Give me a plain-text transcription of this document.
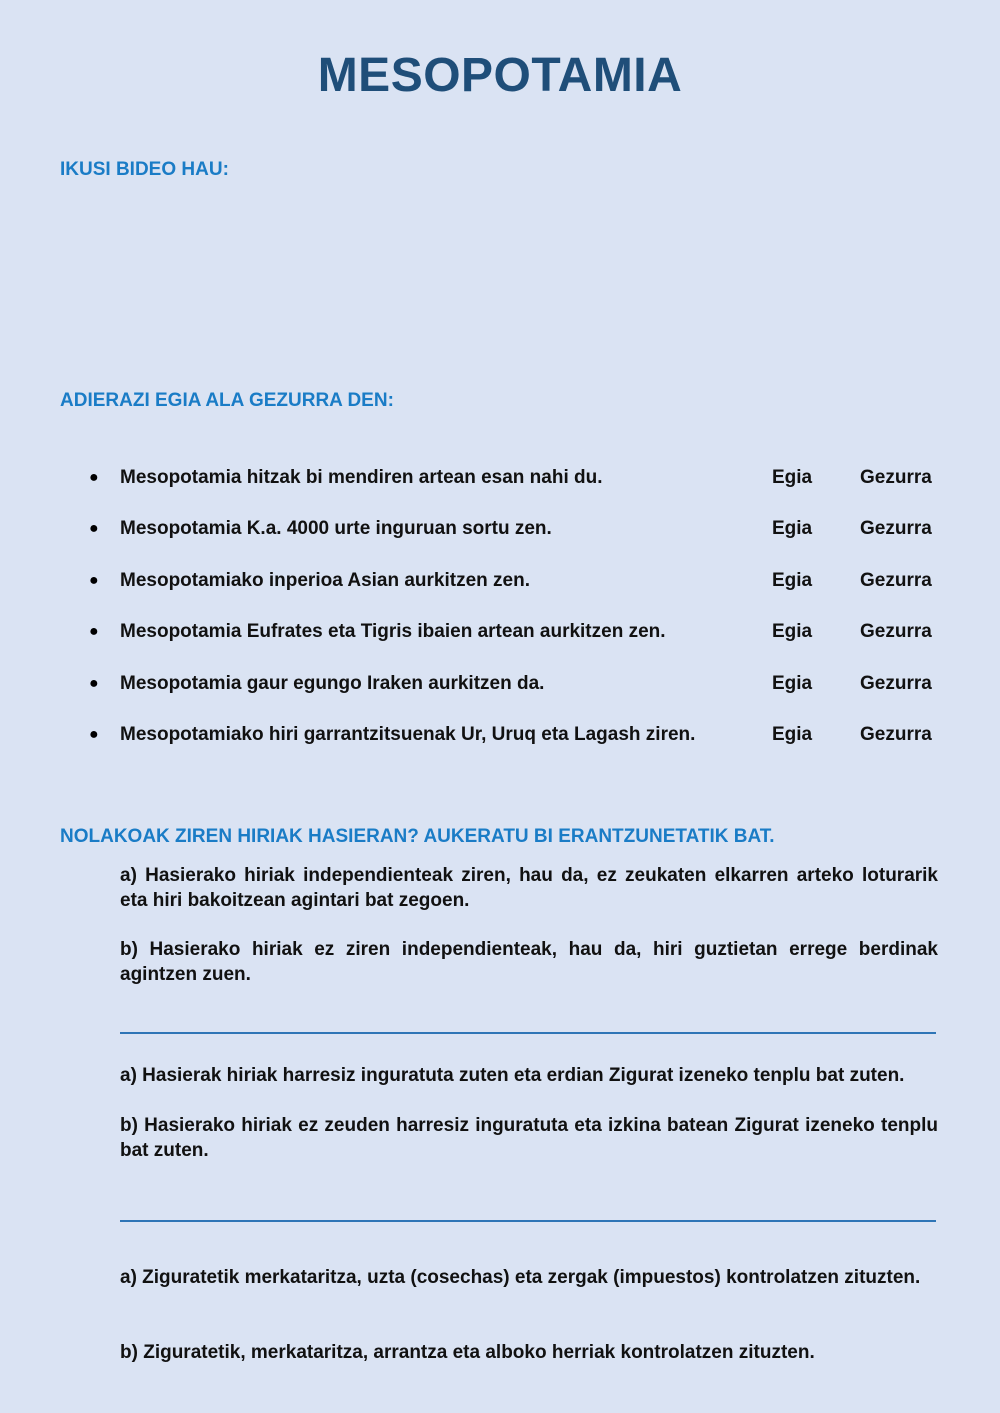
MESOPOTAMIA
IKUSI BIDEO HAU:
ADIERAZI EGIA ALA GEZURRA DEN:
● Mesopotamia hitzak bi mendiren artean esan nahi du.	Egia	Gezurra
● Mesopotamia K.a. 4000 urte inguruan sortu zen.	Egia	Gezurra
● Mesopotamiako inperioa Asian aurkitzen zen.	Egia	Gezurra
● Mesopotamia Eufrates eta Tigris ibaien artean aurkitzen zen.	Egia	Gezurra
● Mesopotamia gaur egungo Iraken aurkitzen da.	Egia	Gezurra
● Mesopotamiako hiri garrantzitsuenak Ur, Uruq eta Lagash ziren.	Egia	Gezurra
NOLAKOAK ZIREN HIRIAK HASIERAN? AUKERATU BI ERANTZUNETATIK BAT.

a) Hasierako hiriak independienteak ziren, hau da, ez zeukaten elkarren arteko loturarik eta hiri bakoitzean agintari bat zegoen.

b) Hasierako hiriak ez ziren independienteak, hau da, hiri guztietan errege berdinak agintzen zuen.

a) Hasierak hiriak harresiz inguratuta zuten eta erdian Zigurat izeneko tenplu bat zuten.

b) Hasierako hiriak ez zeuden harresiz inguratuta eta izkina batean Zigurat izeneko tenplu bat zuten.

a) Ziguratetik merkataritza, uzta (cosechas) eta zergak (impuestos) kontrolatzen zituzten.

b) Ziguratetik, merkataritza, arrantza eta alboko herriak kontrolatzen zituzten.
